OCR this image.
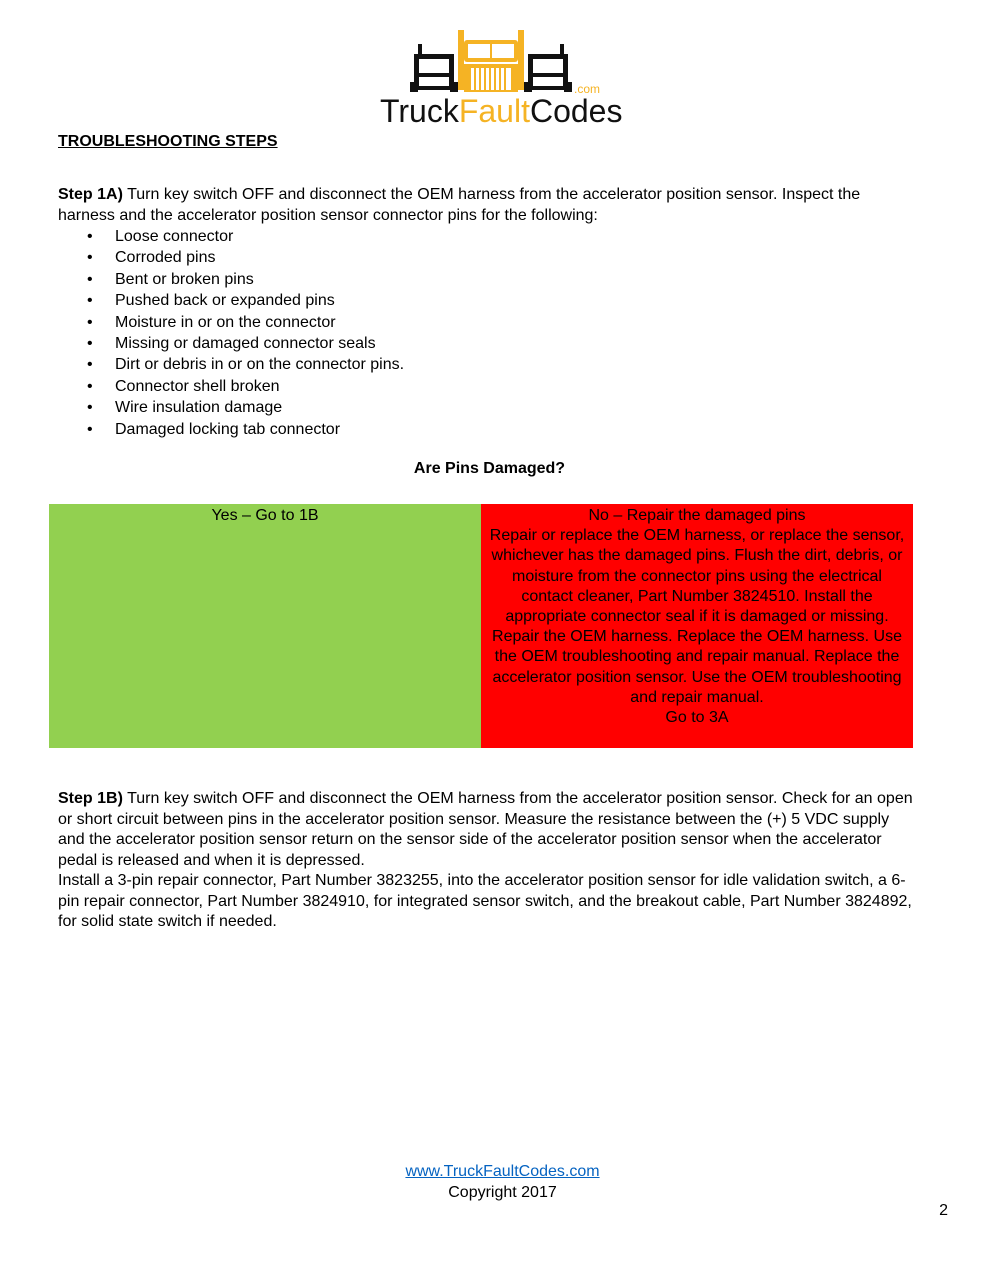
TruckFaultCodes
.com
TROUBLESHOOTING STEPS
Step 1A) Turn key switch OFF and disconnect the OEM harness from the accelerator position sensor. Inspect the harness and the accelerator position sensor connector pins for the following:
• Loose connector
• Corroded pins
• Bent or broken pins
• Pushed back or expanded pins
• Moisture in or on the connector
• Missing or damaged connector seals
• Dirt or debris in or on the connector pins.
• Connector shell broken
• Wire insulation damage
• Damaged locking tab connector
Are Pins Damaged?
Yes – Go to 1B	No – Repair the damaged pins
Repair or replace the OEM harness, or replace the sensor, whichever has the damaged pins. Flush the dirt, debris, or moisture from the connector pins using the electrical contact cleaner, Part Number 3824510. Install the appropriate connector seal if it is damaged or missing. Repair the OEM harness. Replace the OEM harness. Use the OEM troubleshooting and repair manual. Replace the accelerator position sensor. Use the OEM troubleshooting and repair manual.
Go to 3A
Step 1B) Turn key switch OFF and disconnect the OEM harness from the accelerator position sensor. Check for an open or short circuit between pins in the accelerator position sensor. Measure the resistance between the (+) 5 VDC supply and the accelerator position sensor return on the sensor side of the accelerator position sensor when the accelerator pedal is released and when it is depressed.
Install a 3-pin repair connector, Part Number 3823255, into the accelerator position sensor for idle validation switch, a 6-pin repair connector, Part Number 3824910, for integrated sensor switch, and the breakout cable, Part Number 3824892, for solid state switch if needed.
www.TruckFaultCodes.com
Copyright 2017
2
